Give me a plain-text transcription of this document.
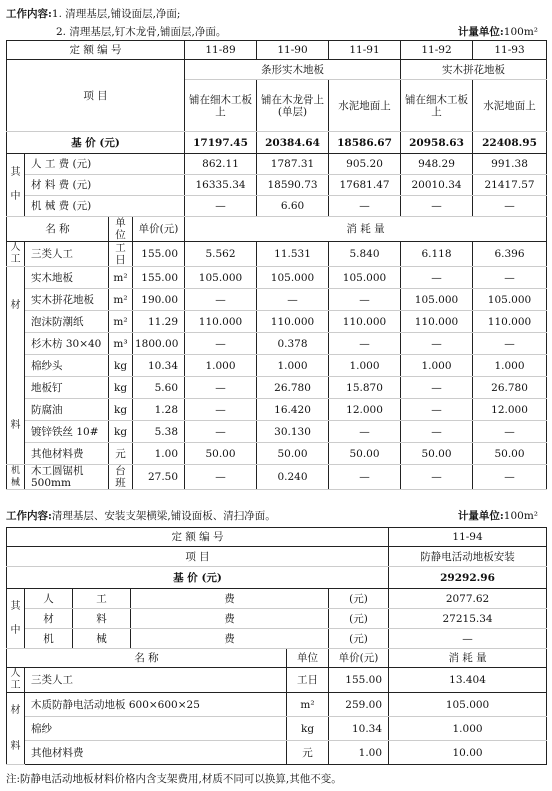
工作内容:1. 清理基层,铺设面层,净面;
2. 清理基层,钉木龙骨,铺面层,净面。	计量单位:100m²
定 额 编 号				11-89	11-90	11-91	11-92	11-93
项 目				条形实木地板			实木拼花地板	
				铺在细木工板上	铺在木龙骨上(单层)	水泥地面上	铺在细木工板上	水泥地面上
基 价 (元)				17197.45	20384.64	18586.67	20958.63	22408.95
其

中	人 工 费 (元)			862.11	1787.31	905.20	948.29	991.38
	材 料 费 (元)			16335.34	18590.73	17681.47	20010.34	21417.57
	机 械 费 (元)			—	6.60	—	—	—
名 称		单位	单价(元)	消 耗 量				
人工	三类人工	工日	155.00	5.562	11.531	5.840	6.118	6.396
材

料	实木地板	m²	155.00	105.000	105.000	105.000	—	—
	实木拼花地板	m²	190.00	—	—	—	105.000	105.000
	泡沫防潮纸	m²	11.29	110.000	110.000	110.000	110.000	110.000
	杉木枋 30×40	m³	1800.00	—	0.378	—	—	—
	棉纱头	kg	10.34	1.000	1.000	1.000	1.000	1.000
	地板钉	kg	5.60	—	26.780	15.870	—	26.780
	防腐油	kg	1.28	—	16.420	12.000	—	12.000
	镀锌铁丝 10#	kg	5.38	—	30.130	—	—	—
	其他材料费	元	1.00	50.00	50.00	50.00	50.00	50.00
机械	木工圆锯机 500mm	台班	27.50	—	0.240	—	—	—
工作内容:清理基层、安装支架横梁,铺设面板、清扫净面。	计量单位:100m²
定 额 编 号						11-94
项 目						防静电活动地板安装
基 价 (元)						29292.96
其

中	人	工	费		(元)	2077.62
	材	料	费		(元)	27215.34
	机	械	费		(元)	—
名 称				单位	单价(元)	消 耗 量
人工	三类人工			工日	155.00	13.404
材

料	木质防静电活动地板 600×600×25			m²	259.00	105.000
	棉纱			kg	10.34	1.000
	其他材料费			元	1.00	10.00
注:防静电活动地板材料价格内含支架费用,材质不同可以换算,其他不变。
